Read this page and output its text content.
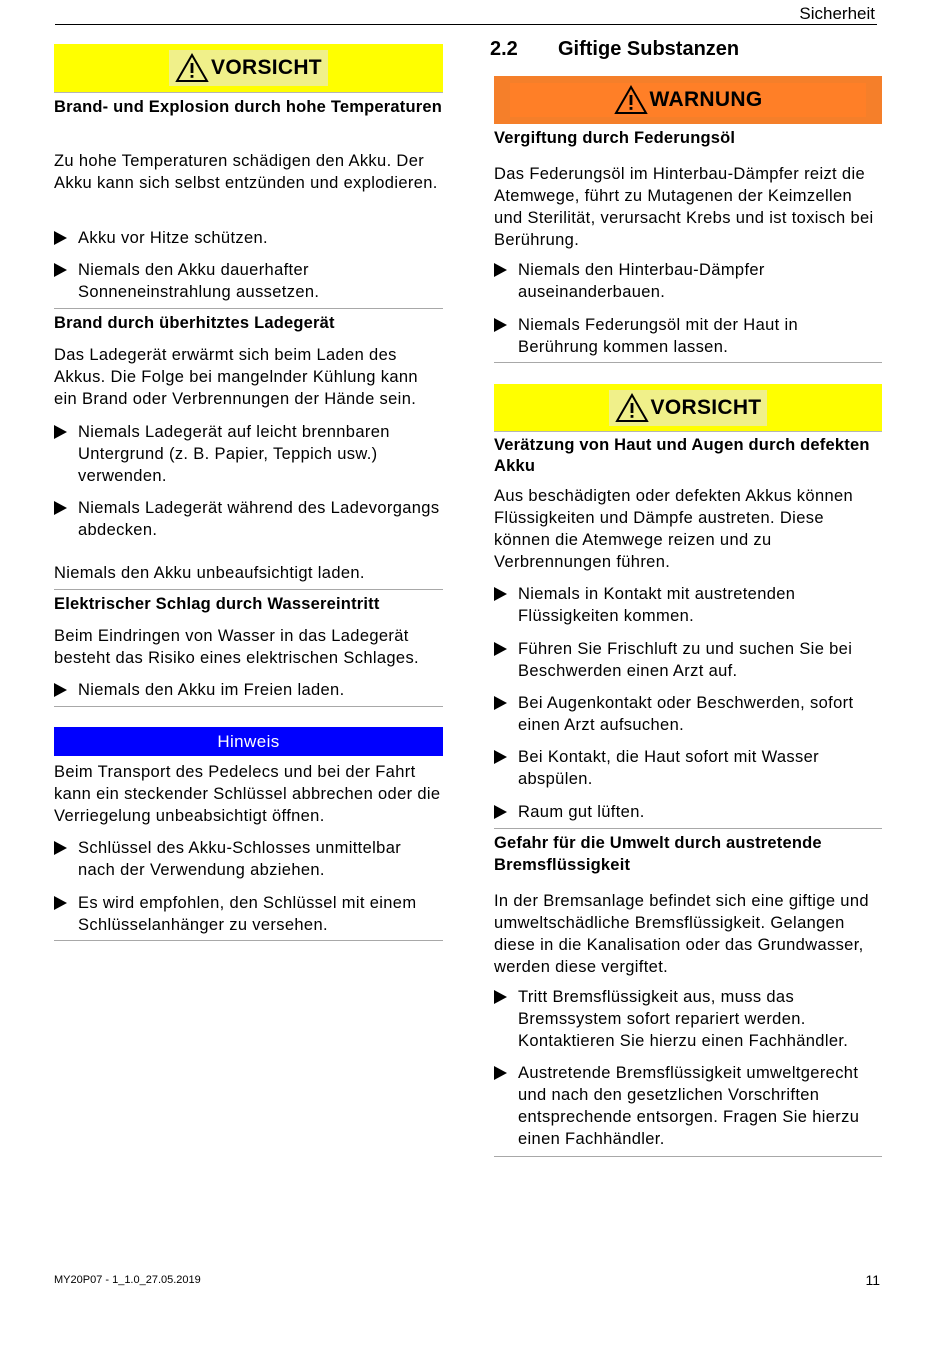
Sicherheit
VORSICHT
Brand- und Explosion durch hohe Temperaturen
Zu hohe Temperaturen schädigen den Akku. Der Akku kann sich selbst entzünden und explodieren.
Akku vor Hitze schützen.
Niemals den Akku dauerhafter Sonneneinstrahlung aussetzen.
Brand durch überhitztes Ladegerät
Das Ladegerät erwärmt sich beim Laden des Akkus. Die Folge bei mangelnder Kühlung kann ein Brand oder Verbrennungen der Hände sein.
Niemals Ladegerät auf leicht brennbaren Untergrund (z. B. Papier, Teppich usw.) verwenden.
Niemals Ladegerät während des Ladevorgangs abdecken.
Niemals den Akku unbeaufsichtigt laden.
Elektrischer Schlag durch Wassereintritt
Beim Eindringen von Wasser in das Ladegerät besteht das Risiko eines elektrischen Schlages.
Niemals den Akku im Freien laden.
Hinweis
Beim Transport des Pedelecs und bei der Fahrt kann ein steckender Schlüssel abbrechen oder die Verriegelung unbeabsichtigt öffnen.
Schlüssel des Akku-Schlosses unmittelbar nach der Verwendung abziehen.
Es wird empfohlen, den Schlüssel mit einem Schlüsselanhänger zu versehen.
2.2 Giftige Substanzen
WARNUNG
Vergiftung durch Federungsöl
Das Federungsöl im Hinterbau-Dämpfer reizt die Atemwege, führt zu Mutagenen der Keimzellen und Sterilität, verursacht Krebs und ist toxisch bei Berührung.
Niemals den Hinterbau-Dämpfer auseinanderbauen.
Niemals Federungsöl mit der Haut in Berührung kommen lassen.
VORSICHT
Verätzung von Haut und Augen durch defekten Akku
Aus beschädigten oder defekten Akkus können Flüssigkeiten und Dämpfe austreten. Diese können die Atemwege reizen und zu Verbrennungen führen.
Niemals in Kontakt mit austretenden Flüssigkeiten kommen.
Führen Sie Frischluft zu und suchen Sie bei Beschwerden einen Arzt auf.
Bei Augenkontakt oder Beschwerden, sofort einen Arzt aufsuchen.
Bei Kontakt, die Haut sofort mit Wasser abspülen.
Raum gut lüften.
Gefahr für die Umwelt durch austretende Bremsflüssigkeit
In der Bremsanlage befindet sich eine giftige und umweltschädliche Bremsflüssigkeit. Gelangen diese in die Kanalisation oder das Grundwasser, werden diese vergiftet.
Tritt Bremsflüssigkeit aus, muss das Bremssystem sofort repariert werden. Kontaktieren Sie hierzu einen Fachhändler.
Austretende Bremsflüssigkeit umweltgerecht und nach den gesetzlichen Vorschriften entsprechende entsorgen. Fragen Sie hierzu einen Fachhändler.
MY20P07 - 1_1.0_27.05.2019	11
